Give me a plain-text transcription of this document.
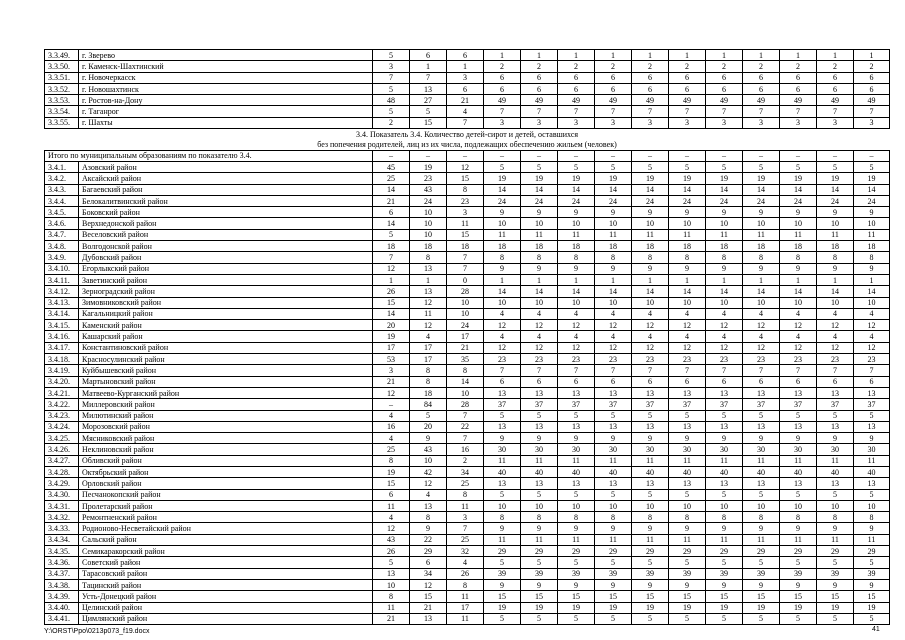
3.3.49.	г. Зверево	5	6	6	1	1	1	1	1	1	1	1	1	1	1
3.3.50.	г. Каменск-Шахтинский	3	1	1	2	2	2	2	2	2	2	2	2	2	2
3.3.51.	г. Новочеркасск	7	7	3	6	6	6	6	6	6	6	6	6	6	6
3.3.52.	г. Новошахтинск	5	13	6	6	6	6	6	6	6	6	6	6	6	6
3.3.53.	г. Ростов-на-Дону	48	27	21	49	49	49	49	49	49	49	49	49	49	49
3.3.54.	г. Таганрог	5	5	4	7	7	7	7	7	7	7	7	7	7	7
3.3.55.	г. Шахты	2	15	7	3	3	3	3	3	3	3	3	3	3	3
3.4. Показатель 3.4. Количество детей-сирот и детей, оставшихся															
без попечения родителей, лиц из их числа, подлежащих обеспечению жильем (человек)															
Итого по муниципальным образованиям по показателю 3.4.		–	–	–	–	–	–	–	–	–	–	–	–	–	–
3.4.1.	Азовский район	45	19	12	5	5	5	5	5	5	5	5	5	5	5
3.4.2.	Аксайский район	25	23	15	19	19	19	19	19	19	19	19	19	19	19
3.4.3.	Багаевский район	14	43	8	14	14	14	14	14	14	14	14	14	14	14
3.4.4.	Белокалитвинский район	21	24	23	24	24	24	24	24	24	24	24	24	24	24
3.4.5.	Боковский район	6	10	3	9	9	9	9	9	9	9	9	9	9	9
3.4.6.	Верхнедонской район	14	10	11	10	10	10	10	10	10	10	10	10	10	10
3.4.7.	Веселовский район	5	10	15	11	11	11	11	11	11	11	11	11	11	11
3.4.8.	Волгодонской район	18	18	18	18	18	18	18	18	18	18	18	18	18	18
3.4.9.	Дубовский район	7	8	7	8	8	8	8	8	8	8	8	8	8	8
3.4.10.	Егорлыкский район	12	13	7	9	9	9	9	9	9	9	9	9	9	9
3.4.11.	Заветинский район	1	1	0	1	1	1	1	1	1	1	1	1	1	1
3.4.12.	Зерноградский район	26	13	28	14	14	14	14	14	14	14	14	14	14	14
3.4.13.	Зимовниковский район	15	12	10	10	10	10	10	10	10	10	10	10	10	10
3.4.14.	Кагальницкий район	14	11	10	4	4	4	4	4	4	4	4	4	4	4
3.4.15.	Каменский район	20	12	24	12	12	12	12	12	12	12	12	12	12	12
3.4.16.	Кашарский район	19	4	17	4	4	4	4	4	4	4	4	4	4	4
3.4.17.	Константиновский район	17	17	21	12	12	12	12	12	12	12	12	12	12	12
3.4.18.	Красносулинский район	53	17	35	23	23	23	23	23	23	23	23	23	23	23
3.4.19.	Куйбышевский район	3	8	8	7	7	7	7	7	7	7	7	7	7	7
3.4.20.	Мартыновский район	21	8	14	6	6	6	6	6	6	6	6	6	6	6
3.4.21.	Матвеево-Курганский район	12	18	10	13	13	13	13	13	13	13	13	13	13	13
3.4.22.	Миллеровский район	–	84	28	37	37	37	37	37	37	37	37	37	37	37
3.4.23.	Милютинский район	4	5	7	5	5	5	5	5	5	5	5	5	5	5
3.4.24.	Морозовский район	16	20	22	13	13	13	13	13	13	13	13	13	13	13
3.4.25.	Мясниковский район	4	9	7	9	9	9	9	9	9	9	9	9	9	9
3.4.26.	Неклиновский район	25	43	16	30	30	30	30	30	30	30	30	30	30	30
3.4.27.	Обливский район	8	10	2	11	11	11	11	11	11	11	11	11	11	11
3.4.28.	Октябрьский район	19	42	34	40	40	40	40	40	40	40	40	40	40	40
3.4.29.	Орловский район	15	12	25	13	13	13	13	13	13	13	13	13	13	13
3.4.30.	Песчанокопский район	6	4	8	5	5	5	5	5	5	5	5	5	5	5
3.4.31.	Пролетарский район	11	13	11	10	10	10	10	10	10	10	10	10	10	10
3.4.32.	Ремонтненский район	4	8	3	8	8	8	8	8	8	8	8	8	8	8
3.4.33.	Родионово-Несветайский район	12	9	7	9	9	9	9	9	9	9	9	9	9	9
3.4.34.	Сальский район	43	22	25	11	11	11	11	11	11	11	11	11	11	11
3.4.35.	Семикаракорский район	26	29	32	29	29	29	29	29	29	29	29	29	29	29
3.4.36.	Советский район	5	6	4	5	5	5	5	5	5	5	5	5	5	5
3.4.37.	Тарасовский район	13	34	26	39	39	39	39	39	39	39	39	39	39	39
3.4.38.	Тацинский район	10	12	8	9	9	9	9	9	9	9	9	9	9	9
3.4.39.	Усть-Донецкий район	8	15	11	15	15	15	15	15	15	15	15	15	15	15
3.4.40.	Целинский район	11	21	17	19	19	19	19	19	19	19	19	19	19	19
3.4.41.	Цимлянский район	21	13	11	5	5	5	5	5	5	5	5	5	5	5
Y:\ORST\Ppo\0213p073_f19.docx	41
